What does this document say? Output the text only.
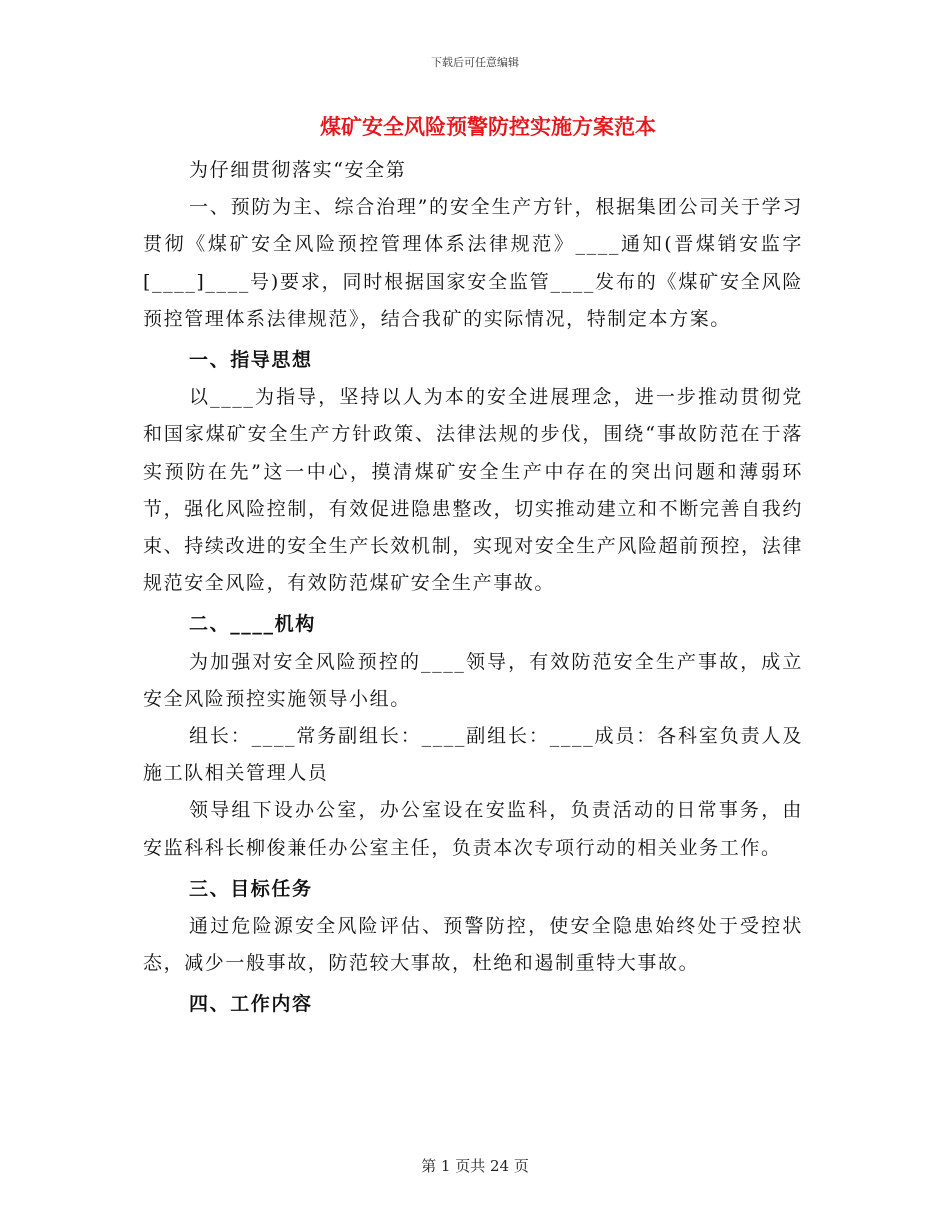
下载后可任意编辑
煤矿安全风险预警防控实施方案范本

为仔细贯彻落实“安全第

一、预防为主、综合治理”的安全生产方针，根据集团公司关于学习贯彻《煤矿安全风险预控管理体系法律规范》____通知(晋煤销安监字[____]____号)要求，同时根据国家安全监管____发布的《煤矿安全风险预控管理体系法律规范》，结合我矿的实际情况，特制定本方案。

一、指导思想

以____为指导，坚持以人为本的安全进展理念，进一步推动贯彻党和国家煤矿安全生产方针政策、法律法规的步伐，围绕“事故防范在于落实预防在先”这一中心，摸清煤矿安全生产中存在的突出问题和薄弱环节，强化风险控制，有效促进隐患整改，切实推动建立和不断完善自我约束、持续改进的安全生产长效机制，实现对安全生产风险超前预控，法律规范安全风险，有效防范煤矿安全生产事故。

二、____机构

为加强对安全风险预控的____领导，有效防范安全生产事故，成立安全风险预控实施领导小组。

组长：____常务副组长：____副组长：____成员：各科室负责人及施工队相关管理人员

领导组下设办公室，办公室设在安监科，负责活动的日常事务，由安监科科长柳俊兼任办公室主任，负责本次专项行动的相关业务工作。

三、目标任务

通过危险源安全风险评估、预警防控，使安全隐患始终处于受控状态，减少一般事故，防范较大事故，杜绝和遏制重特大事故。

四、工作内容

第 1 页共 24 页
